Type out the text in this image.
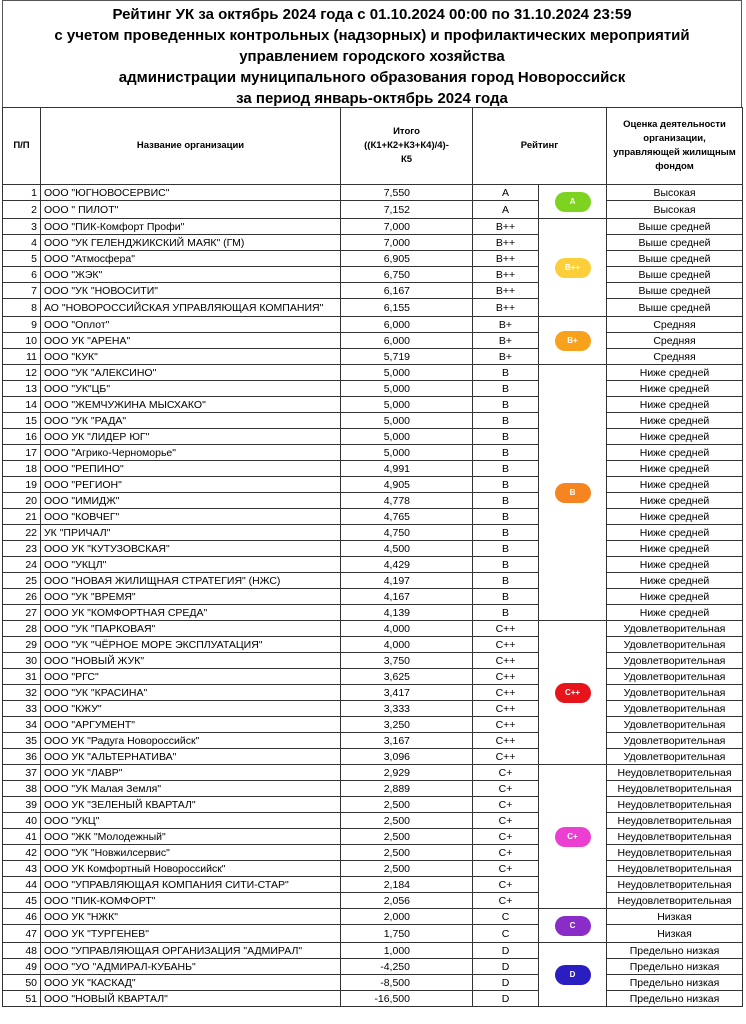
Рейтинг УК за октябрь 2024 года с 01.10.2024 00:00 по 31.10.2024 23:59
с учетом проведенных контрольных (надзорных) и профилактических мероприятий
управлением городского хозяйства
администрации муниципального образования город Новороссийск
за период январь-октябрь 2024 года
П/П	Название организации	Итого ((К1+К2+К3+К4)/4)-К5	Рейтинг		Оценка деятельности организации, управляющей жилищным фондом
1	ООО "ЮГНОВОСЕРВИС"	7,550	A	A	Высокая
2	ООО " ПИЛОТ"	7,152	A		Высокая
3	ООО "ПИК-Комфорт Профи"	7,000	B++	B++	Выше средней
4	ООО "УК ГЕЛЕНДЖИКСКИЙ МАЯК" (ГМ)	7,000	B++		Выше средней
5	ООО "Атмосфера"	6,905	B++		Выше средней
6	ООО "ЖЭК"	6,750	B++		Выше средней
7	ООО "УК "НОВОСИТИ"	6,167	B++		Выше средней
8	АО "НОВОРОССИЙСКАЯ УПРАВЛЯЮЩАЯ КОМПАНИЯ"	6,155	B++		Выше средней
9	ООО "Оплот"	6,000	B+	B+	Средняя
10	ООО УК "АРЕНА"	6,000	B+		Средняя
11	ООО "КУК"	5,719	B+		Средняя
12	ООО "УК "АЛЕКСИНО"	5,000	B	B	Ниже средней
13	ООО "УК"ЦБ"	5,000	B		Ниже средней
14	ООО "ЖЕМЧУЖИНА МЫСХАКО"	5,000	B		Ниже средней
15	ООО "УК "РАДА"	5,000	B		Ниже средней
16	ООО УК "ЛИДЕР ЮГ"	5,000	B		Ниже средней
17	ООО "Агрико-Черноморье"	5,000	B		Ниже средней
18	ООО "РЕПИНО"	4,991	B		Ниже средней
19	ООО "РЕГИОН"	4,905	B		Ниже средней
20	ООО "ИМИДЖ"	4,778	B		Ниже средней
21	ООО "КОВЧЕГ"	4,765	B		Ниже средней
22	УК "ПРИЧАЛ"	4,750	B		Ниже средней
23	ООО УК "КУТУЗОВСКАЯ"	4,500	B		Ниже средней
24	ООО "УКЦЛ"	4,429	B		Ниже средней
25	ООО "НОВАЯ ЖИЛИЩНАЯ СТРАТЕГИЯ" (НЖС)	4,197	B		Ниже средней
26	ООО "УК "ВРЕМЯ"	4,167	B		Ниже средней
27	ООО УК "КОМФОРТНАЯ СРЕДА"	4,139	B		Ниже средней
28	ООО "УК "ПАРКОВАЯ"	4,000	C++	C++	Удовлетворительная
29	ООО "УК "ЧЁРНОЕ МОРЕ ЭКСПЛУАТАЦИЯ"	4,000	C++		Удовлетворительная
30	ООО "НОВЫЙ ЖУК"	3,750	C++		Удовлетворительная
31	ООО "РГС"	3,625	C++		Удовлетворительная
32	ООО "УК "КРАСИНА"	3,417	C++		Удовлетворительная
33	ООО "КЖУ"	3,333	C++		Удовлетворительная
34	ООО "АРГУМЕНТ"	3,250	C++		Удовлетворительная
35	ООО УК "Радуга Новороссийск"	3,167	C++		Удовлетворительная
36	ООО УК "АЛЬТЕРНАТИВА"	3,096	C++		Удовлетворительная
37	ООО УК "ЛАВР"	2,929	C+	C+	Неудовлетворительная
38	ООО "УК Малая Земля"	2,889	C+		Неудовлетворительная
39	ООО УК "ЗЕЛЕНЫЙ КВАРТАЛ"	2,500	C+		Неудовлетворительная
40	ООО "УКЦ"	2,500	C+		Неудовлетворительная
41	ООО "ЖК "Молодежный"	2,500	C+		Неудовлетворительная
42	ООО "УК "Новжилсервис"	2,500	C+		Неудовлетворительная
43	ООО УК Комфортный Новороссийск"	2,500	C+		Неудовлетворительная
44	ООО "УПРАВЛЯЮЩАЯ КОМПАНИЯ СИТИ-СТАР"	2,184	C+		Неудовлетворительная
45	ООО "ПИК-КОМФОРТ"	2,056	C+		Неудовлетворительная
46	ООО УК "НЖК"	2,000	C	C	Низкая
47	ООО УК "ТУРГЕНЕВ"	1,750	C		Низкая
48	ООО "УПРАВЛЯЮЩАЯ ОРГАНИЗАЦИЯ "АДМИРАЛ"	1,000	D	D	Предельно низкая
49	ООО "УО "АДМИРАЛ-КУБАНЬ"	-4,250	D		Предельно низкая
50	ООО УК "КАСКАД"	-8,500	D		Предельно низкая
51	ООО "НОВЫЙ КВАРТАЛ"	-16,500	D		Предельно низкая
